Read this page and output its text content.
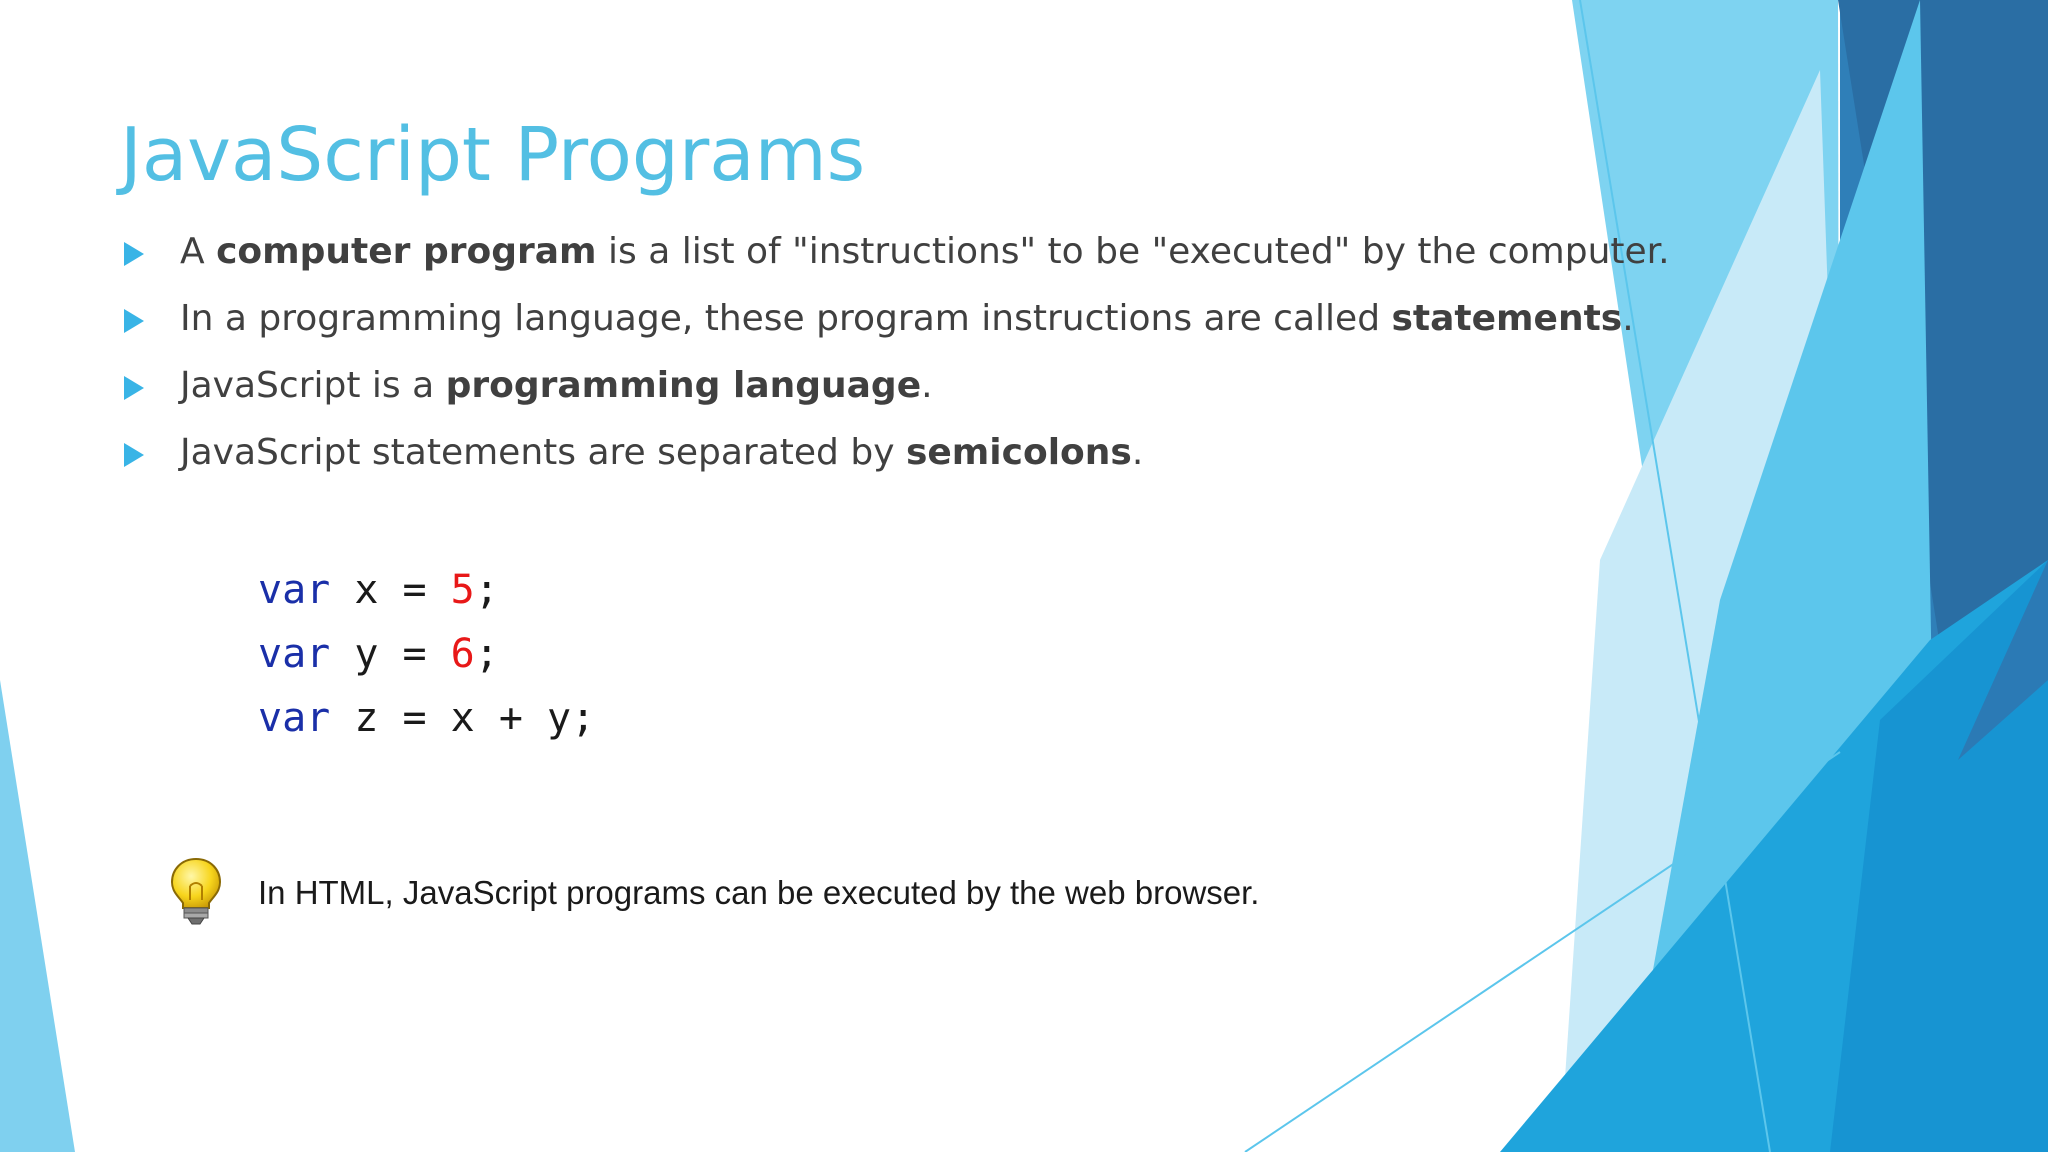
JavaScript Programs
A computer program is a list of "instructions" to be "executed" by the computer.
In a programming language, these program instructions are called statements.
JavaScript is a programming language.
JavaScript statements are separated by semicolons.
var x = 5;
var y = 6;
var z = x + y;
In HTML, JavaScript programs can be executed by the web browser.
